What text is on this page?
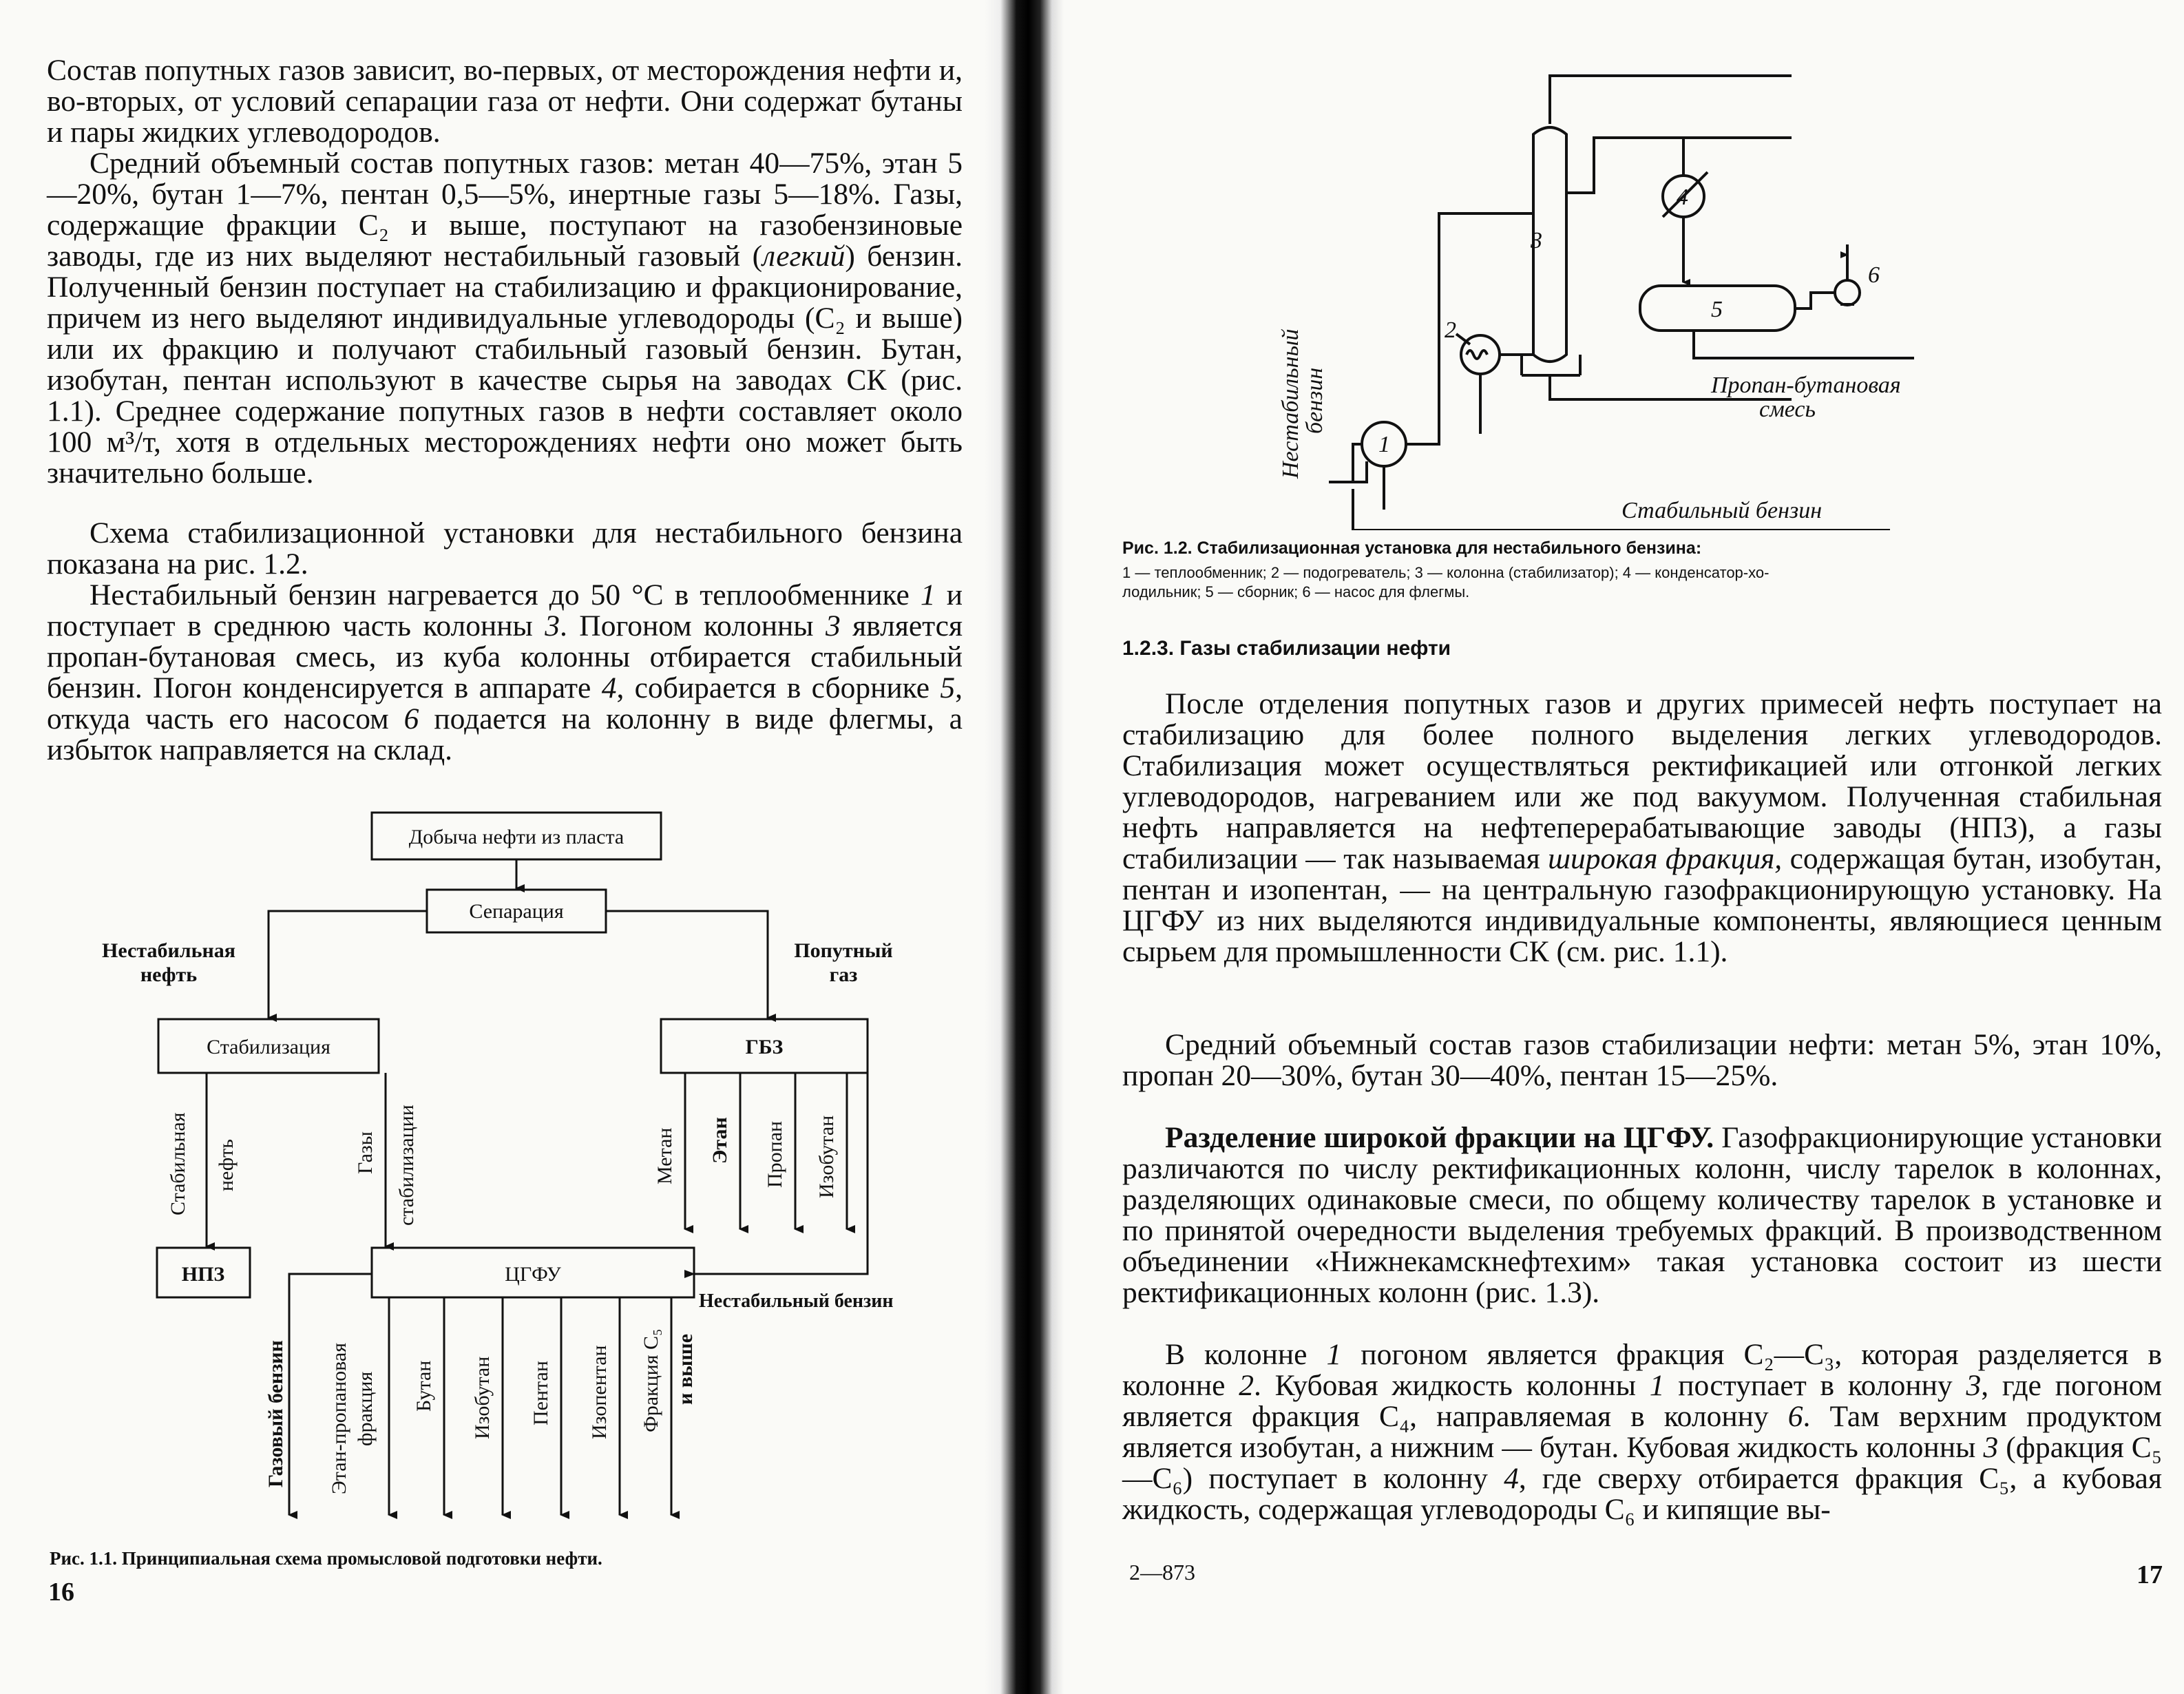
Состав попутных газов зависит, во-первых, от месторождения нефти и, во-вторых, от условий сепарации газа от нефти. Они содержат бутаны и пары жидких углеводородов.

Средний объемный состав попутных газов: метан 40—75%, этан 5—20%, бутан 1—7%, пентан 0,5—5%, инертные газы 5—18%. Газы, содержащие фракции С₂ и выше, поступают на газобензиновые заводы, где из них выделяют нестабильный газовый (легкий) бензин. Полученный бензин поступает на стабилизацию и фракционирование, причем из него выделяют индивидуальные углеводороды (С₂ и выше) или их фракцию и получают стабильный газовый бензин. Бутан, изобутан, пентан используют в качестве сырья на заводах СК (рис. 1.1). Среднее содержание попутных газов в нефти составляет около 100 м³/т, хотя в отдельных месторождениях нефти оно может быть значительно больше.

Схема стабилизационной установки для нестабильного бензина показана на рис. 1.2.

Нестабильный бензин нагревается до 50 °С в теплообменнике 1 и поступает в среднюю часть колонны 3. Погоном колонны 3 является пропан-бутановая смесь, из куба колонны отбирается стабильный бензин. Погон конденсируется в аппарате 4, собирается в сборнике 5, откуда часть его насосом 6 подается на колонну в виде флегмы, а избыток направляется на склад.

Добыча нефти из пласта
Сепарация
Нестабильная
нефть
Попутный
газ
Стабилизация	ГБЗ
Стабильная нефть	Газы стабилизации	Метан Этан Пропан Изобутан
НПЗ	ЦГФУ
Нестабильный бензин
Газовый бензин Этан-пропановая фракция Бутан Изобутан Пентан Изопентан Фракция С₅ и выше
Рис. 1.1. Принципиальная схема промысловой подготовки нефти.
16
1
2
3
4
5
6
Нестабильный
бензин	Пропан-бутановая
смесь
Стабильный бензин
Рис. 1.2. Стабилизационная установка для нестабильного бензина:
1 — теплообменник; 2 — подогреватель; 3 — колонна (стабилизатор); 4 — конденсатор-хо-
лодильник; 5 — сборник; 6 — насос для флегмы.
1.2.3. Газы стабилизации нефти

После отделения попутных газов и других примесей нефть поступает на стабилизацию для более полного выделения легких углеводородов. Стабилизация может осуществляться ректификацией или отгонкой легких углеводородов, нагреванием или же под вакуумом. Полученная стабильная нефть направляется на нефтеперерабатывающие заводы (НПЗ), а газы стабилизации — так называемая широкая фракция, содержащая бутан, изобутан, пентан и изопентан, — на центральную газофракционирующую установку. На ЦГФУ из них выделяются индивидуальные компоненты, являющиеся ценным сырьем для промышленности СК (см. рис. 1.1).

Средний объемный состав газов стабилизации нефти: метан 5%, этан 10%, пропан 20—30%, бутан 30—40%, пентан 15—25%.

Разделение широкой фракции на ЦГФУ. Газофракционирующие установки различаются по числу ректификационных колонн, числу тарелок в колоннах, разделяющих одинаковые смеси, по общему количеству тарелок в установке и по принятой очередности выделения требуемых фракций. В производственном объединении «Нижнекамскнефтехим» такая установка состоит из шести ректификационных колонн (рис. 1.3).

В колонне 1 погоном является фракция С₂—С₃, которая разделяется в колонне 2. Кубовая жидкость колонны 1 поступает в колонну 3, где погоном является фракция С₄, направляемая в колонну 6. Там верхним продуктом является изобутан, а нижним — бутан. Кубовая жидкость колонны 3 (фракция С₅—С₆) поступает в колонну 4, где сверху отбирается фракция С₅, а кубовая жидкость, содержащая углеводороды С₆ и кипящие вы-

2—873	17
